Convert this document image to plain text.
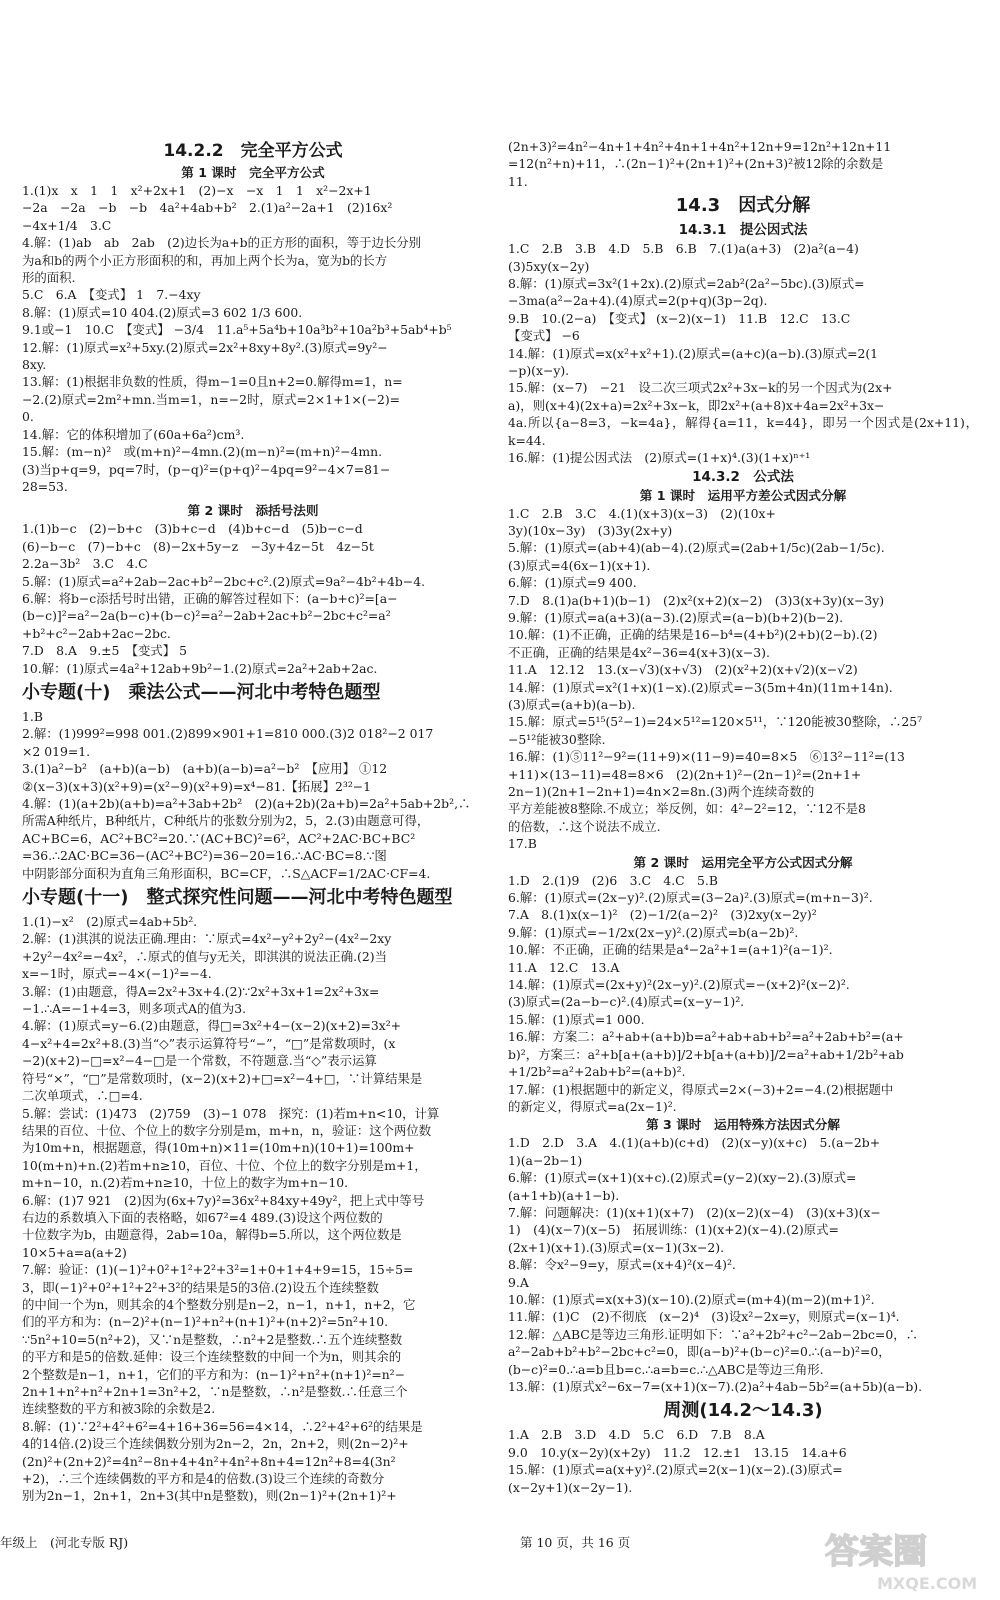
14.2.2　完全平方公式
第 1 课时　完全平方公式
1.(1)x　x　1　1　x²+2x+1　(2)−x　−x　1　1　x²−2x+1
−2a　−2a　−b　−b　4a²+4ab+b²　2.(1)a²−2a+1　(2)16x²
−4x+1/4　3.C
4.解：(1)ab　ab　2ab　(2)边长为a+b的正方形的面积，等于边长分别
为a和b的两个小正方形面积的和，再加上两个长为a，宽为b的长方
形的面积.
5.C　6.A　【变式】 1　7.−4xy
8.解：(1)原式=10 404.(2)原式=3 602 1/3 600.
9.1或−1　10.C　【变式】 −3/4　11.a⁵+5a⁴b+10a³b²+10a²b³+5ab⁴+b⁵
12.解：(1)原式=x²+5xy.(2)原式=2x²+8xy+8y².(3)原式=9y²−
8xy.
13.解：(1)根据非负数的性质，得m−1=0且n+2=0.解得m=1，n=
−2.(2)原式=2m²+mn.当m=1，n=−2时，原式=2×1+1×(−2)=
0.
14.解：它的体积增加了(60a+6a²)cm³.
15.解：(m−n)²　或(m+n)²−4mn.(2)(m−n)²=(m+n)²−4mn.
(3)当p+q=9，pq=7时，(p−q)²=(p+q)²−4pq=9²−4×7=81−
28=53.
第 2 课时　添括号法则
1.(1)b−c　(2)−b+c　(3)b+c−d　(4)b+c−d　(5)b−c−d
(6)−b−c　(7)−b+c　(8)−2x+5y−z　−3y+4z−5t　4z−5t
2.2a−3b²　3.C　4.C
5.解：(1)原式=a²+2ab−2ac+b²−2bc+c².(2)原式=9a²−4b²+4b−4.
6.解：将b−c添括号时出错，正确的解答过程如下：(a−b+c)²=[a−
(b−c)]²=a²−2a(b−c)+(b−c)²=a²−2ab+2ac+b²−2bc+c²=a²
+b²+c²−2ab+2ac−2bc.
7.D　8.A　9.±5　【变式】 5
10.解：(1)原式=4a²+12ab+9b²−1.(2)原式=2a²+2ab+2ac.
小专题(十)　乘法公式——河北中考特色题型
1.B
2.解：(1)999²=998 001.(2)899×901+1=810 000.(3)2 018²−2 017
×2 019=1.
3.(1)a²−b²　(a+b)(a−b)　(a+b)(a−b)=a²−b²　【应用】 ①12
②(x−3)(x+3)(x²+9)=(x²−9)(x²+9)=x⁴−81.【拓展】2³²−1
4.解：(1)(a+2b)(a+b)=a²+3ab+2b²　(2)(a+2b)(2a+b)=2a²+5ab+2b²,∴
所需A种纸片，B种纸片，C种纸片的张数分别为2，5，2.(3)由题意可得，
AC+BC=6，AC²+BC²=20.∵(AC+BC)²=6²，AC²+2AC·BC+BC²
=36.∴2AC·BC=36−(AC²+BC²)=36−20=16.∴AC·BC=8.∵图
中阴影部分面积为直角三角形面积，BC=CF，∴S△ACF=1/2AC·CF=4.
小专题(十一)　整式探究性问题——河北中考特色题型
1.(1)−x²　(2)原式=4ab+5b².
2.解：(1)淇淇的说法正确.理由：∵原式=4x²−y²+2y²−(4x²−2xy
+2y²−4x²=−4x²，∴原式的值与y无关，即淇淇的说法正确.(2)当
x=−1时，原式=−4×(−1)²=−4.
3.解：(1)由题意，得A=2x²+3x+4.(2)∵2x²+3x+1=2x²+3x=
−1.∴A=−1+4=3，则多项式A的值为3.
4.解：(1)原式=y−6.(2)由题意，得□=3x²+4−(x−2)(x+2)=3x²+
4−x²+4=2x²+8.(3)当“◇”表示运算符号“−”，“□”是常数项时，(x
−2)(x+2)−□=x²−4−□是一个常数，不符题意.当“◇”表示运算
符号“×”，“□”是常数项时，(x−2)(x+2)+□=x²−4+□，∵计算结果是
二次单项式，∴□=4.
5.解：尝试：(1)473　(2)759　(3)−1 078　探究：(1)若m+n<10，计算
结果的百位、十位、个位上的数字分别是m，m+n，n，验证：这个两位数
为10m+n，根据题意，得(10m+n)×11=(10m+n)(10+1)=100m+
10(m+n)+n.(2)若m+n≥10，百位、十位、个位上的数字分别是m+1，
m+n−10，n.(2)若m+n≥10，十位上的数字为m+n−10.
6.解：(1)7 921　(2)因为(6x+7y)²=36x²+84xy+49y²，把上式中等号
右边的系数填入下面的表格略，如67²=4 489.(3)设这个两位数的
十位数字为b，由题意得，2ab=10a，解得b=5.所以，这个两位数是
10×5+a=a(a+2)
7.解：验证：(1)(−1)²+0²+1²+2²+3²=1+0+1+4+9=15，15÷5=
3，即(−1)²+0²+1²+2²+3²的结果是5的3倍.(2)设五个连续整数
的中间一个为n，则其余的4个整数分别是n−2，n−1，n+1，n+2，它
们的平方和为：(n−2)²+(n−1)²+n²+(n+1)²+(n+2)²=5n²+10.
∵5n²+10=5(n²+2)，又∵n是整数，∴n²+2是整数.∴五个连续整数
的平方和是5的倍数.延伸：设三个连续整数的中间一个为n，则其余的
2个整数是n−1，n+1，它们的平方和为：(n−1)²+n²+(n+1)²=n²−
2n+1+n²+n²+2n+1=3n²+2，∵n是整数，∴n²是整数.∴任意三个
连续整数的平方和被3除的余数是2.
8.解：(1)∵2²+4²+6²=4+16+36=56=4×14，∴2²+4²+6²的结果是
4的14倍.(2)设三个连续偶数分别为2n−2，2n，2n+2，则(2n−2)²+
(2n)²+(2n+2)²=4n²−8n+4+4n²+4n²+8n+4=12n²+8=4(3n²
+2)，∴三个连续偶数的平方和是4的倍数.(3)设三个连续的奇数分
别为2n−1，2n+1，2n+3(其中n是整数)，则(2n−1)²+(2n+1)²+
(2n+3)²=4n²−4n+1+4n²+4n+1+4n²+12n+9=12n²+12n+11
=12(n²+n)+11，∴(2n−1)²+(2n+1)²+(2n+3)²被12除的余数是
11.
14.3　因式分解
14.3.1　提公因式法
1.C　2.B　3.B　4.D　5.B　6.B　7.(1)a(a+3)　(2)a²(a−4)
(3)5xy(x−2y)
8.解：(1)原式=3x²(1+2x).(2)原式=2ab²(2a²−5bc).(3)原式=
−3ma(a²−2a+4).(4)原式=2(p+q)(3p−2q).
9.B　10.(2−a)　【变式】 (x−2)(x−1)　11.B　12.C　13.C
【变式】 −6
14.解：(1)原式=x(x²+x²+1).(2)原式=(a+c)(a−b).(3)原式=2(1
−p)(x−y).
15.解：(x−7)　−21　设二次三项式2x²+3x−k的另一个因式为(2x+
a)，则(x+4)(2x+a)=2x²+3x−k，即2x²+(a+8)x+4a=2x²+3x−
4a.所以{a−8=3，−k=4a}，解得{a=11，k=44}，即另一个因式是(2x+11)，k=44.
16.解：(1)提公因式法　(2)原式=(1+x)⁴.(3)(1+x)ⁿ⁺¹
14.3.2　公式法
第 1 课时　运用平方差公式因式分解
1.C　2.B　3.C　4.(1)(x+3)(x−3)　(2)(10x+
3y)(10x−3y)　(3)3y(2x+y)
5.解：(1)原式=(ab+4)(ab−4).(2)原式=(2ab+1/5c)(2ab−1/5c).
(3)原式=4(6x−1)(x+1).
6.解：(1)原式=9 400.
7.D　8.(1)a(b+1)(b−1)　(2)x²(x+2)(x−2)　(3)3(x+3y)(x−3y)
9.解：(1)原式=a(a+3)(a−3).(2)原式=(a−b)(b+2)(b−2).
10.解：(1)不正确，正确的结果是16−b⁴=(4+b²)(2+b)(2−b).(2)
不正确，正确的结果是4x²−36=4(x+3)(x−3).
11.A　12.12　13.(x−√3)(x+√3)　(2)(x²+2)(x+√2)(x−√2)
14.解：(1)原式=x²(1+x)(1−x).(2)原式=−3(5m+4n)(11m+14n).
(3)原式=(a+b)(a−b).
15.解：原式=5¹⁵(5²−1)=24×5¹²=120×5¹¹，∵120能被30整除，∴25⁷
−5¹²能被30整除.
16.解：(1)⑤11²−9²=(11+9)×(11−9)=40=8×5　⑥13²−11²=(13
+11)×(13−11)=48=8×6　(2)(2n+1)²−(2n−1)²=(2n+1+
2n−1)(2n+1−2n+1)=4n×2=8n.(3)两个连续奇数的
平方差能被8整除.不成立；举反例，如：4²−2²=12，∵12不是8
的倍数，∴这个说法不成立.
17.B
第 2 课时　运用完全平方公式因式分解
1.D　2.(1)9　(2)6　3.C　4.C　5.B
6.解：(1)原式=(2x−y)².(2)原式=(3−2a)².(3)原式=(m+n−3)².
7.A　8.(1)x(x−1)²　(2)−1/2(a−2)²　(3)2xy(x−2y)²
9.解：(1)原式=−1/2x(2x−y)².(2)原式=b(a−2b)².
10.解：不正确，正确的结果是a⁴−2a²+1=(a+1)²(a−1)².
11.A　12.C　13.A
14.解：(1)原式=(2x+y)²(2x−y)².(2)原式=−(x+2)²(x−2)².
(3)原式=(2a−b−c)².(4)原式=(x−y−1)².
15.解：(1)原式=1 000.
16.解：方案二：a²+ab+(a+b)b=a²+ab+ab+b²=a²+2ab+b²=(a+
b)²，方案三：a²+b[a+(a+b)]/2+b[a+(a+b)]/2=a²+ab+1/2b²+ab
+1/2b²=a²+2ab+b²=(a+b)².
17.解：(1)根据题中的新定义，得原式=2×(−3)+2=−4.(2)根据题中
的新定义，得原式=a(2x−1)².
第 3 课时　运用特殊方法因式分解
1.D　2.D　3.A　4.(1)(a+b)(c+d)　(2)(x−y)(x+c)　5.(a−2b+
1)(a−2b−1)
6.解：(1)原式=(x+1)(x+c).(2)原式=(y−2)(xy−2).(3)原式=
(a+1+b)(a+1−b).
7.解：问题解决：(1)(x+1)(x+7)　(2)(x−2)(x−4)　(3)(x+3)(x−
1)　(4)(x−7)(x−5)　拓展训练：(1)(x+2)(x−4).(2)原式=
(2x+1)(x+1).(3)原式=(x−1)(3x−2).
8.解：令x²−9=y，原式=(x+4)²(x−4)².
9.A
10.解：(1)原式=x(x+3)(x−10).(2)原式=(m+4)(m−2)(m+1)².
11.解：(1)C　(2)不彻底　(x−2)⁴　(3)设x²−2x=y，则原式=(x−1)⁴.
12.解：△ABC是等边三角形.证明如下：∵a²+2b²+c²−2ab−2bc=0，∴
a²−2ab+b²+b²−2bc+c²=0，即(a−b)²+(b−c)²=0.∴(a−b)²=0，
(b−c)²=0.∴a=b且b=c.∴a=b=c.∴△ABC是等边三角形.
13.解：(1)原式x²−6x−7=(x+1)(x−7).(2)a²+4ab−5b²=(a+5b)(a−b).
周测(14.2～14.3)
1.A　2.B　3.D　4.D　5.C　6.D　7.B　8.A
9.0　10.y(x−2y)(x+2y)　11.2　12.±1　13.15　14.a+6
15.解：(1)原式=a(x+y)².(2)原式=2(x−1)(x−2).(3)原式=
(x−2y+1)(x−2y−1).
年级上　(河北专版 RJ)	第 10 页，共 16 页	答案圈
MXQE.COM
